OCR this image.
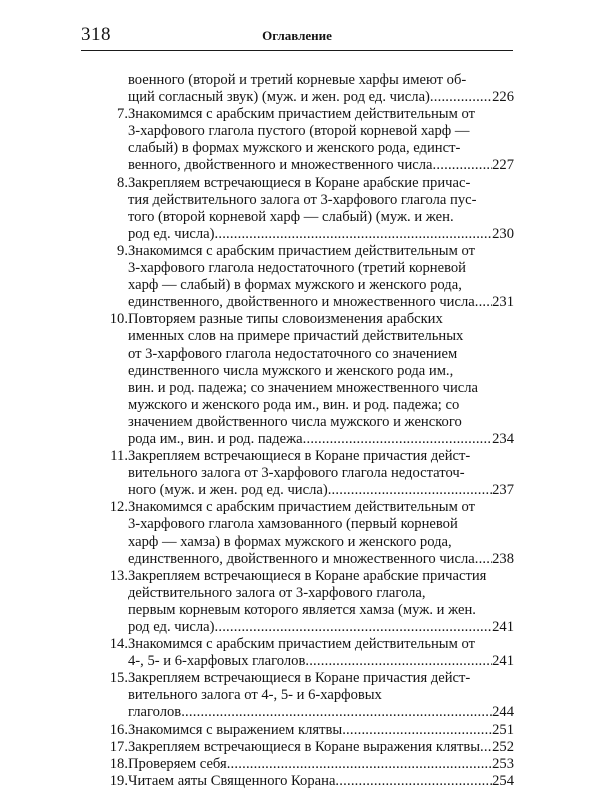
318	Оглавление
военного (второй и третий корневые харфы имеют об-
щий согласный звук) (муж. и жен. род ед. числа) .....	226
7. Знакомимся с арабским причастием действительным от
3-харфового глагола пустого (второй корневой харф —
слабый) в формах мужского и женского рода, единст-
венного, двойственного и множественного числа .....	227
8. Закрепляем встречающиеся в Коране арабские причас-
тия действительного залога от 3-харфового глагола пус-
того (второй корневой харф — слабый) (муж. и жен.
род ед. числа) .....	230
9. Знакомимся с арабским причастием действительным от
3-харфового глагола недостаточного (третий корневой
харф — слабый) в формах мужского и женского рода,
единственного, двойственного и множественного числа ..... 231
10. Повторяем разные типы словоизменения арабских
именных слов на примере причастий действительных
от 3-харфового глагола недостаточного со значением
единственного числа мужского и женского рода им.,
вин. и род. падежа; со значением множественного числа
мужского и женского рода им., вин. и род. падежа; со
значением двойственного числа мужского и женского
рода им., вин. и род. падежа .....	234
11. Закрепляем встречающиеся в Коране причастия дейст-
вительного залога от 3-харфового глагола недостаточ-
ного (муж. и жен. род ед. числа) .....	237
12. Знакомимся с арабским причастием действительным от
3-харфового глагола хамзованного (первый корневой
харф — хамза) в формах мужского и женского рода,
единственного, двойственного и множественного числа ..... 238
13. Закрепляем встречающиеся в Коране арабские причастия
действительного залога от 3-харфового глагола,
первым корневым которого является хамза (муж. и жен.
род ед. числа) .....	241
14. Знакомимся с арабским причастием действительным от
4-, 5- и 6-харфовых глаголов .....	241
15. Закрепляем встречающиеся в Коране причастия дейст-
вительного залога от 4-, 5- и 6-харфовых
глаголов .....	244
16. Знакомимся с выражением клятвы .....	251
17. Закрепляем встречающиеся в Коране выражения клятвы ..... 252
18. Проверяем себя .....	253
19. Читаем аяты Священного Корана .....	254
